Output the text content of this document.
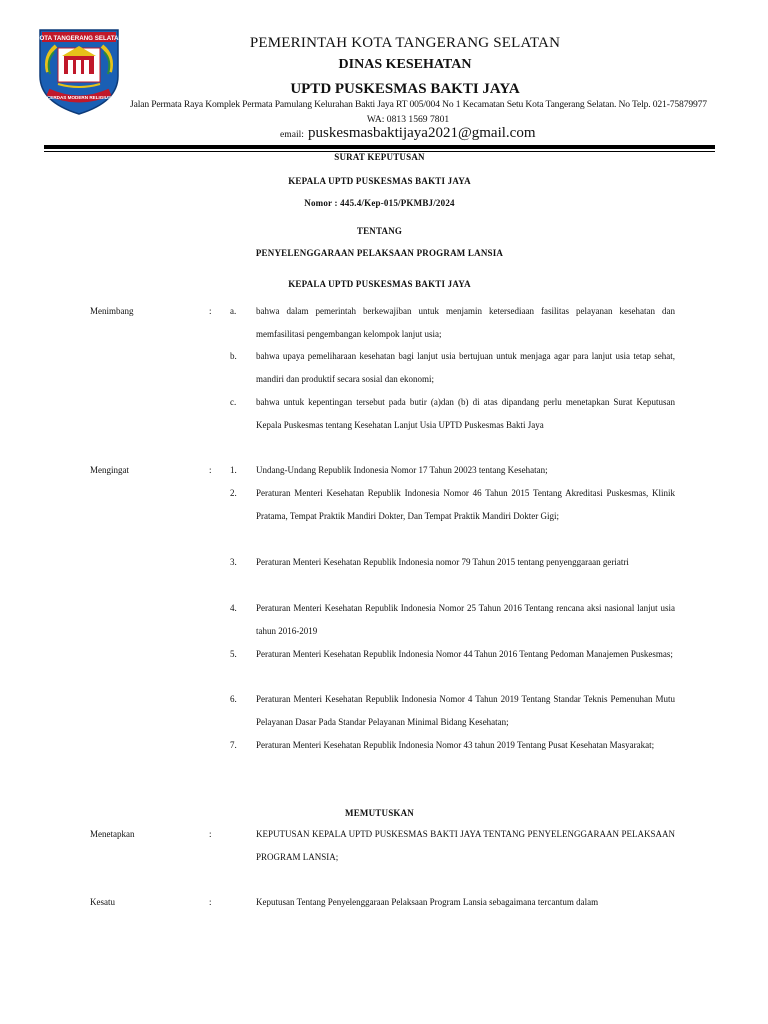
KOTA TANGERANG SELATAN
CERDAS MODERN RELIGIUS
PEMERINTAH KOTA TANGERANG SELATAN
DINAS KESEHATAN
UPTD PUSKESMAS BAKTI JAYA
Jalan Permata Raya Komplek Permata Pamulang Kelurahan Bakti Jaya RT 005/004 No 1 Kecamatan Setu Kota Tangerang Selatan. No Telp. 021-75879977
WA: 0813 1569 7801
email: puskesmasbaktijaya2021@gmail.com
SURAT KEPUTUSAN
KEPALA UPTD PUSKESMAS BAKTI JAYA
Nomor : 445.4/Kep-015/PKMBJ/2024
TENTANG
PENYELENGGARAAN PELAKSAAN PROGRAM LANSIA
KEPALA UPTD PUSKESMAS BAKTI JAYA
Menimbang	: a. bahwa dalam pemerintah berkewajiban untuk menjamin ketersediaan fasilitas pelayanan kesehatan dan memfasilitasi pengembangan kelompok lanjut usia;
b. bahwa upaya pemeliharaan kesehatan bagi lanjut usia bertujuan untuk menjaga agar para lanjut usia tetap sehat, mandiri dan produktif secara sosial dan ekonomi;
c. bahwa untuk kepentingan tersebut pada butir (a)dan (b) di atas dipandang perlu menetapkan Surat Keputusan Kepala Puskesmas tentang Kesehatan Lanjut Usia UPTD Puskesmas Bakti Jaya
Mengingat	: 1. Undang-Undang Republik Indonesia Nomor 17 Tahun 20023 tentang Kesehatan;
2. Peraturan Menteri Kesehatan Republik Indonesia Nomor 46 Tahun 2015 Tentang Akreditasi Puskesmas, Klinik Pratama, Tempat Praktik Mandiri Dokter, Dan Tempat Praktik Mandiri Dokter Gigi;
3. Peraturan Menteri Kesehatan Republik Indonesia nomor 79 Tahun 2015 tentang penyenggaraan geriatri
4. Peraturan Menteri Kesehatan Republik Indonesia Nomor 25 Tahun 2016 Tentang rencana aksi nasional lanjut usia tahun 2016-2019
5. Peraturan Menteri Kesehatan Republik Indonesia Nomor 44 Tahun 2016 Tentang Pedoman Manajemen Puskesmas;
6. Peraturan Menteri Kesehatan Republik Indonesia Nomor 4 Tahun 2019 Tentang Standar Teknis Pemenuhan Mutu Pelayanan Dasar Pada Standar Pelayanan Minimal Bidang Kesehatan;
7. Peraturan Menteri Kesehatan Republik Indonesia Nomor 43 tahun 2019 Tentang Pusat Kesehatan Masyarakat;
MEMUTUSKAN
Menetapkan	:	KEPUTUSAN KEPALA UPTD PUSKESMAS BAKTI JAYA TENTANG PENYELENGGARAAN PELAKSAAN PROGRAM LANSIA;
Kesatu	:	Keputusan Tentang Penyelenggaraan Pelaksaan Program Lansia sebagaimana tercantum dalam
